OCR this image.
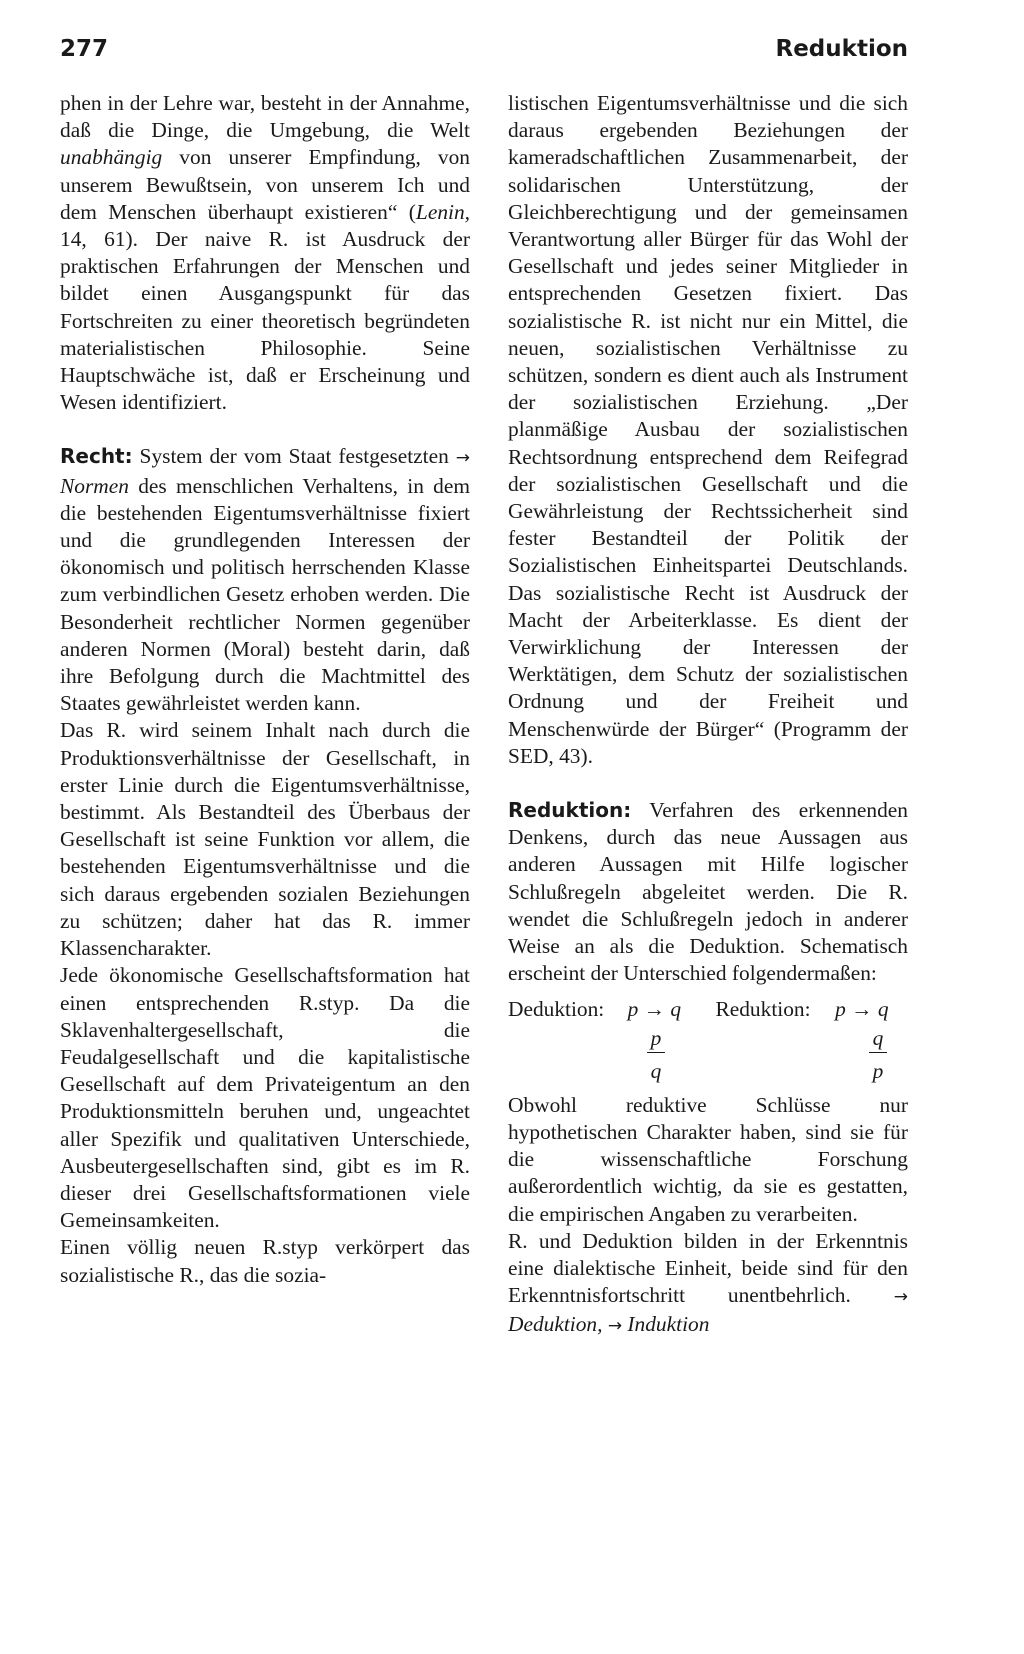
277	Reduktion

phen in der Lehre war, besteht in der Annahme, daß die Dinge, die Umgebung, die Welt unabhängig von unserer Empfindung, von unserem Bewußtsein, von unserem Ich und dem Menschen überhaupt existieren“ (Lenin, 14, 61). Der naive R. ist Ausdruck der praktischen Erfahrungen der Menschen und bildet einen Ausgangspunkt für das Fortschreiten zu einer theoretisch begründeten materialistischen Philosophie. Seine Hauptschwäche ist, daß er Erscheinung und Wesen identifiziert.

Recht: System der vom Staat festgesetzten → Normen des menschlichen Verhaltens, in dem die bestehenden Eigentumsverhältnisse fixiert und die grundlegenden Interessen der ökonomisch und politisch herrschenden Klasse zum verbindlichen Gesetz erhoben werden. Die Besonderheit rechtlicher Normen gegenüber anderen Normen (Moral) besteht darin, daß ihre Befolgung durch die Machtmittel des Staates gewährleistet werden kann.

Das R. wird seinem Inhalt nach durch die Produktionsverhältnisse der Gesellschaft, in erster Linie durch die Eigentumsverhältnisse, bestimmt. Als Bestandteil des Überbaus der Gesellschaft ist seine Funktion vor allem, die bestehenden Eigentumsverhältnisse und die sich daraus ergebenden sozialen Beziehungen zu schützen; daher hat das R. immer Klassencharakter.

Jede ökonomische Gesellschaftsformation hat einen entsprechenden R.styp. Da die Sklavenhaltergesellschaft, die Feudalgesellschaft und die kapitalistische Gesellschaft auf dem Privateigentum an den Produktionsmitteln beruhen und, ungeachtet aller Spezifik und qualitativen Unterschiede, Ausbeutergesellschaften sind, gibt es im R. dieser drei Gesellschaftsformationen viele Gemeinsamkeiten.

Einen völlig neuen R.styp verkörpert das sozialistische R., das die sozia-

listischen Eigentumsverhältnisse und die sich daraus ergebenden Beziehungen der kameradschaftlichen Zusammenarbeit, der solidarischen Unterstützung, der Gleichberechtigung und der gemeinsamen Verantwortung aller Bürger für das Wohl der Gesellschaft und jedes seiner Mitglieder in entsprechenden Gesetzen fixiert. Das sozialistische R. ist nicht nur ein Mittel, die neuen, sozialistischen Verhältnisse zu schützen, sondern es dient auch als Instrument der sozialistischen Erziehung. „Der planmäßige Ausbau der sozialistischen Rechtsordnung entsprechend dem Reifegrad der sozialistischen Gesellschaft und die Gewährleistung der Rechtssicherheit sind fester Bestandteil der Politik der Sozialistischen Einheitspartei Deutschlands. Das sozialistische Recht ist Ausdruck der Macht der Arbeiterklasse. Es dient der Verwirklichung der Interessen der Werktätigen, dem Schutz der sozialistischen Ordnung und der Freiheit und Menschenwürde der Bürger“ (Programm der SED, 43).

Reduktion: Verfahren des erkennenden Denkens, durch das neue Aussagen aus anderen Aussagen mit Hilfe logischer Schlußregeln abgeleitet werden. Die R. wendet die Schlußregeln jedoch in anderer Weise an als die Deduktion. Schematisch erscheint der Unterschied folgendermaßen:

Deduktion:	p → q	Reduktion:	p → q
$\frac{p}{q}$	$\frac{q}{p}$

Obwohl reduktive Schlüsse nur hypothetischen Charakter haben, sind sie für die wissenschaftliche Forschung außerordentlich wichtig, da sie es gestatten, die empirischen Angaben zu verarbeiten.

R. und Deduktion bilden in der Erkenntnis eine dialektische Einheit, beide sind für den Erkenntnisfortschritt unentbehrlich.	→ Deduktion, → Induktion
